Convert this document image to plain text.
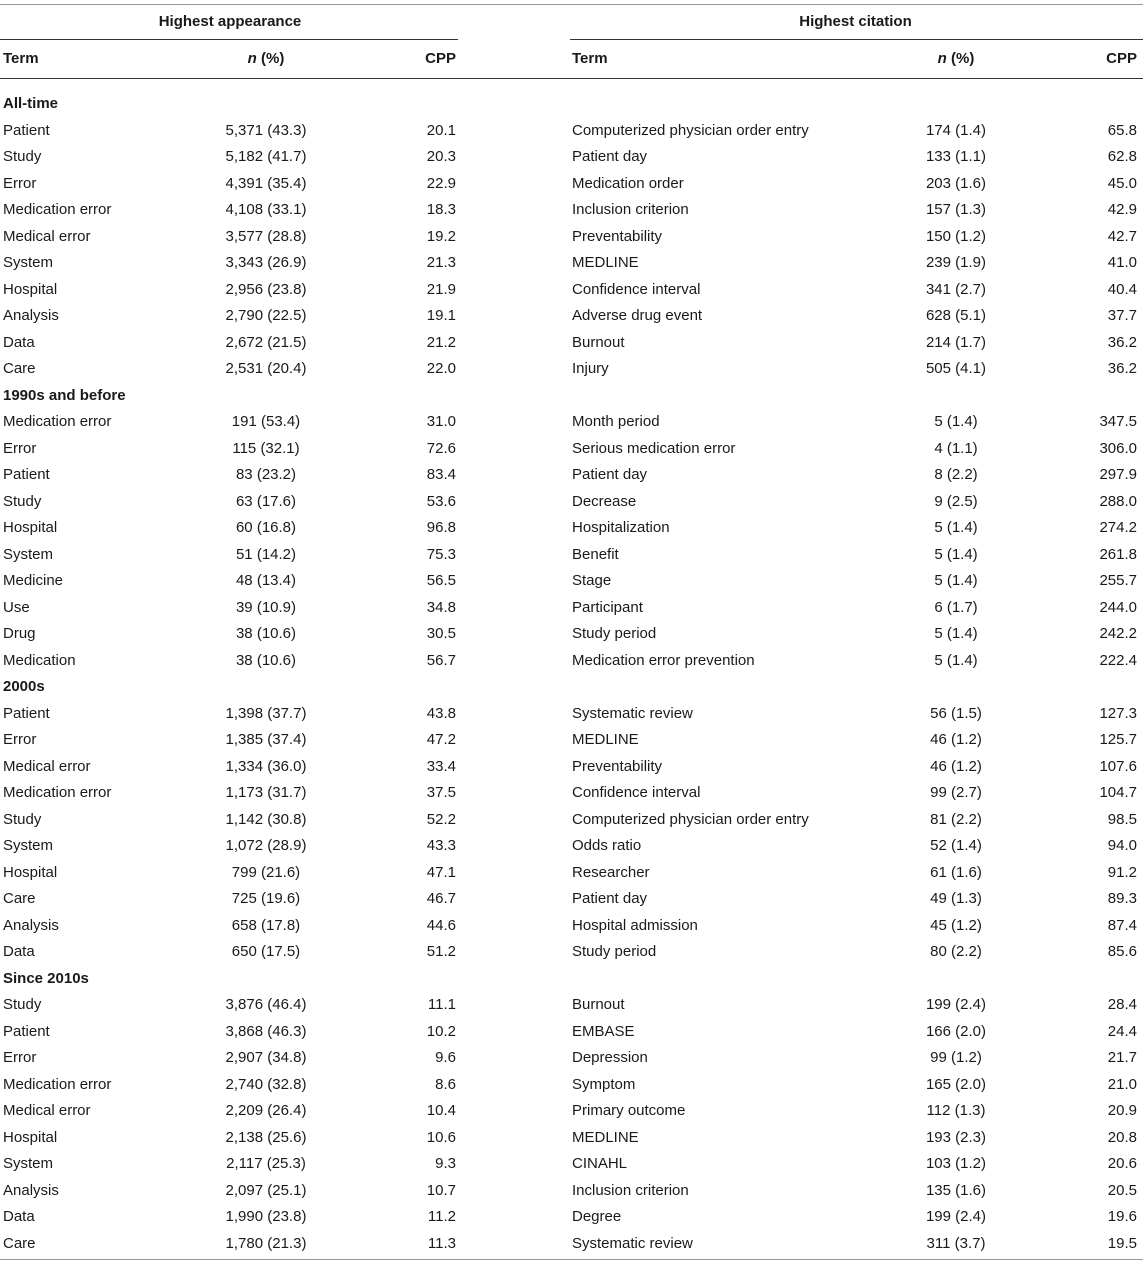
Highest appearance	Highest citation
Term	n (%)	CPP	Term	n (%)	CPP
All-time
Patient	5,371 (43.3)	20.1	Computerized physician order entry	174 (1.4)	65.8
Study	5,182 (41.7)	20.3	Patient day	133 (1.1)	62.8
Error	4,391 (35.4)	22.9	Medication order	203 (1.6)	45.0
Medication error	4,108 (33.1)	18.3	Inclusion criterion	157 (1.3)	42.9
Medical error	3,577 (28.8)	19.2	Preventability	150 (1.2)	42.7
System	3,343 (26.9)	21.3	MEDLINE	239 (1.9)	41.0
Hospital	2,956 (23.8)	21.9	Confidence interval	341 (2.7)	40.4
Analysis	2,790 (22.5)	19.1	Adverse drug event	628 (5.1)	37.7
Data	2,672 (21.5)	21.2	Burnout	214 (1.7)	36.2
Care	2,531 (20.4)	22.0	Injury	505 (4.1)	36.2
1990s and before
Medication error	191 (53.4)	31.0	Month period	5 (1.4)	347.5
Error	115 (32.1)	72.6	Serious medication error	4 (1.1)	306.0
Patient	83 (23.2)	83.4	Patient day	8 (2.2)	297.9
Study	63 (17.6)	53.6	Decrease	9 (2.5)	288.0
Hospital	60 (16.8)	96.8	Hospitalization	5 (1.4)	274.2
System	51 (14.2)	75.3	Benefit	5 (1.4)	261.8
Medicine	48 (13.4)	56.5	Stage	5 (1.4)	255.7
Use	39 (10.9)	34.8	Participant	6 (1.7)	244.0
Drug	38 (10.6)	30.5	Study period	5 (1.4)	242.2
Medication	38 (10.6)	56.7	Medication error prevention	5 (1.4)	222.4
2000s
Patient	1,398 (37.7)	43.8	Systematic review	56 (1.5)	127.3
Error	1,385 (37.4)	47.2	MEDLINE	46 (1.2)	125.7
Medical error	1,334 (36.0)	33.4	Preventability	46 (1.2)	107.6
Medication error	1,173 (31.7)	37.5	Confidence interval	99 (2.7)	104.7
Study	1,142 (30.8)	52.2	Computerized physician order entry	81 (2.2)	98.5
System	1,072 (28.9)	43.3	Odds ratio	52 (1.4)	94.0
Hospital	799 (21.6)	47.1	Researcher	61 (1.6)	91.2
Care	725 (19.6)	46.7	Patient day	49 (1.3)	89.3
Analysis	658 (17.8)	44.6	Hospital admission	45 (1.2)	87.4
Data	650 (17.5)	51.2	Study period	80 (2.2)	85.6
Since 2010s
Study	3,876 (46.4)	11.1	Burnout	199 (2.4)	28.4
Patient	3,868 (46.3)	10.2	EMBASE	166 (2.0)	24.4
Error	2,907 (34.8)	9.6	Depression	99 (1.2)	21.7
Medication error	2,740 (32.8)	8.6	Symptom	165 (2.0)	21.0
Medical error	2,209 (26.4)	10.4	Primary outcome	112 (1.3)	20.9
Hospital	2,138 (25.6)	10.6	MEDLINE	193 (2.3)	20.8
System	2,117 (25.3)	9.3	CINAHL	103 (1.2)	20.6
Analysis	2,097 (25.1)	10.7	Inclusion criterion	135 (1.6)	20.5
Data	1,990 (23.8)	11.2	Degree	199 (2.4)	19.6
Care	1,780 (21.3)	11.3	Systematic review	311 (3.7)	19.5
